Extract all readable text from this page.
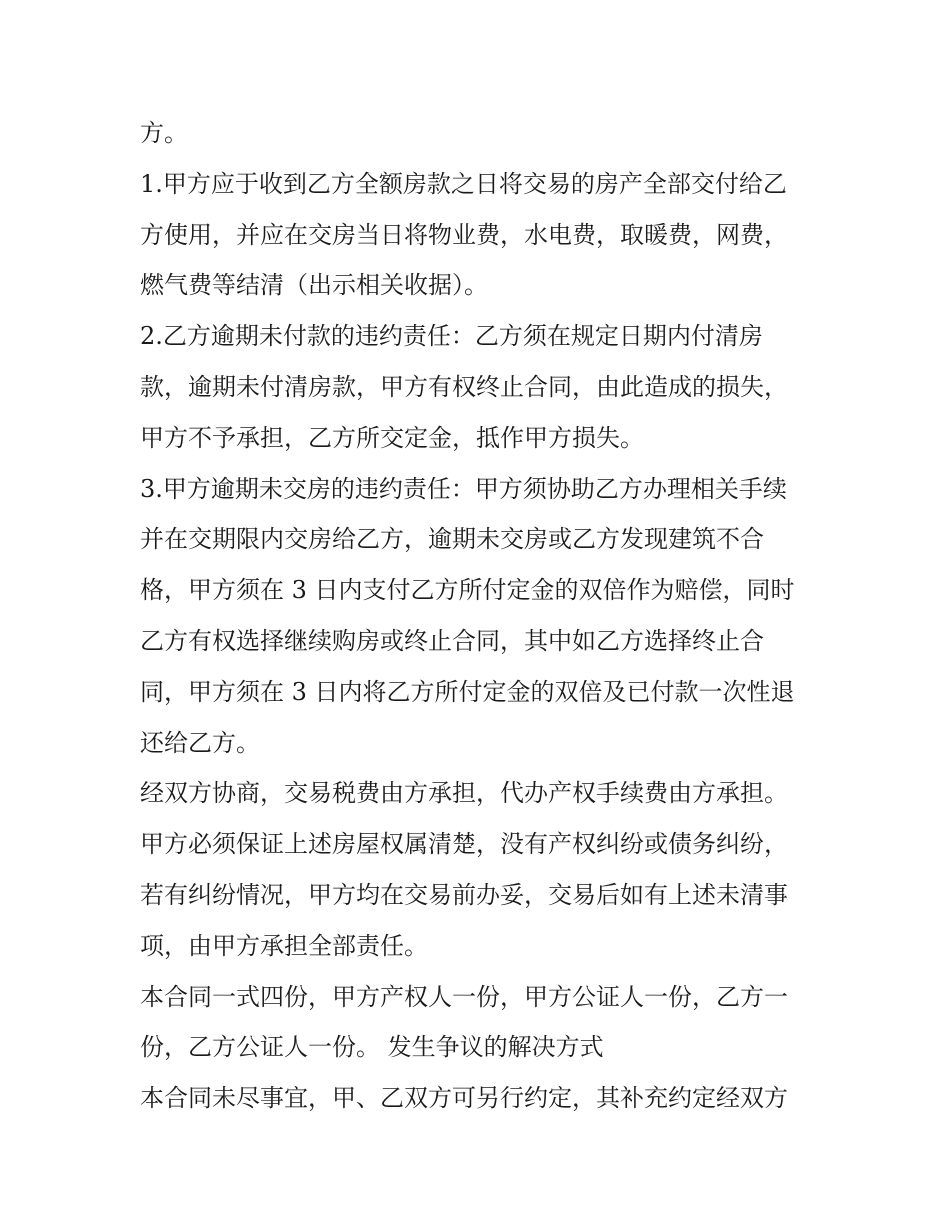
方。
1.甲方应于收到乙方全额房款之日将交易的房产全部交付给乙
方使用，并应在交房当日将物业费，水电费，取暖费，网费，
燃气费等结清（出示相关收据）。
2.乙方逾期未付款的违约责任：乙方须在规定日期内付清房
款，逾期未付清房款，甲方有权终止合同，由此造成的损失，
甲方不予承担，乙方所交定金，抵作甲方损失。
3.甲方逾期未交房的违约责任：甲方须协助乙方办理相关手续
并在交期限内交房给乙方，逾期未交房或乙方发现建筑不合
格，甲方须在 3 日内支付乙方所付定金的双倍作为赔偿，同时
乙方有权选择继续购房或终止合同，其中如乙方选择终止合
同，甲方须在 3 日内将乙方所付定金的双倍及已付款一次性退
还给乙方。
经双方协商，交易税费由方承担，代办产权手续费由方承担。
甲方必须保证上述房屋权属清楚，没有产权纠纷或债务纠纷，
若有纠纷情况，甲方均在交易前办妥，交易后如有上述未清事
项，由甲方承担全部责任。
本合同一式四份，甲方产权人一份，甲方公证人一份，乙方一
份，乙方公证人一份。 发生争议的解决方式
本合同未尽事宜，甲、乙双方可另行约定，其补充约定经双方
